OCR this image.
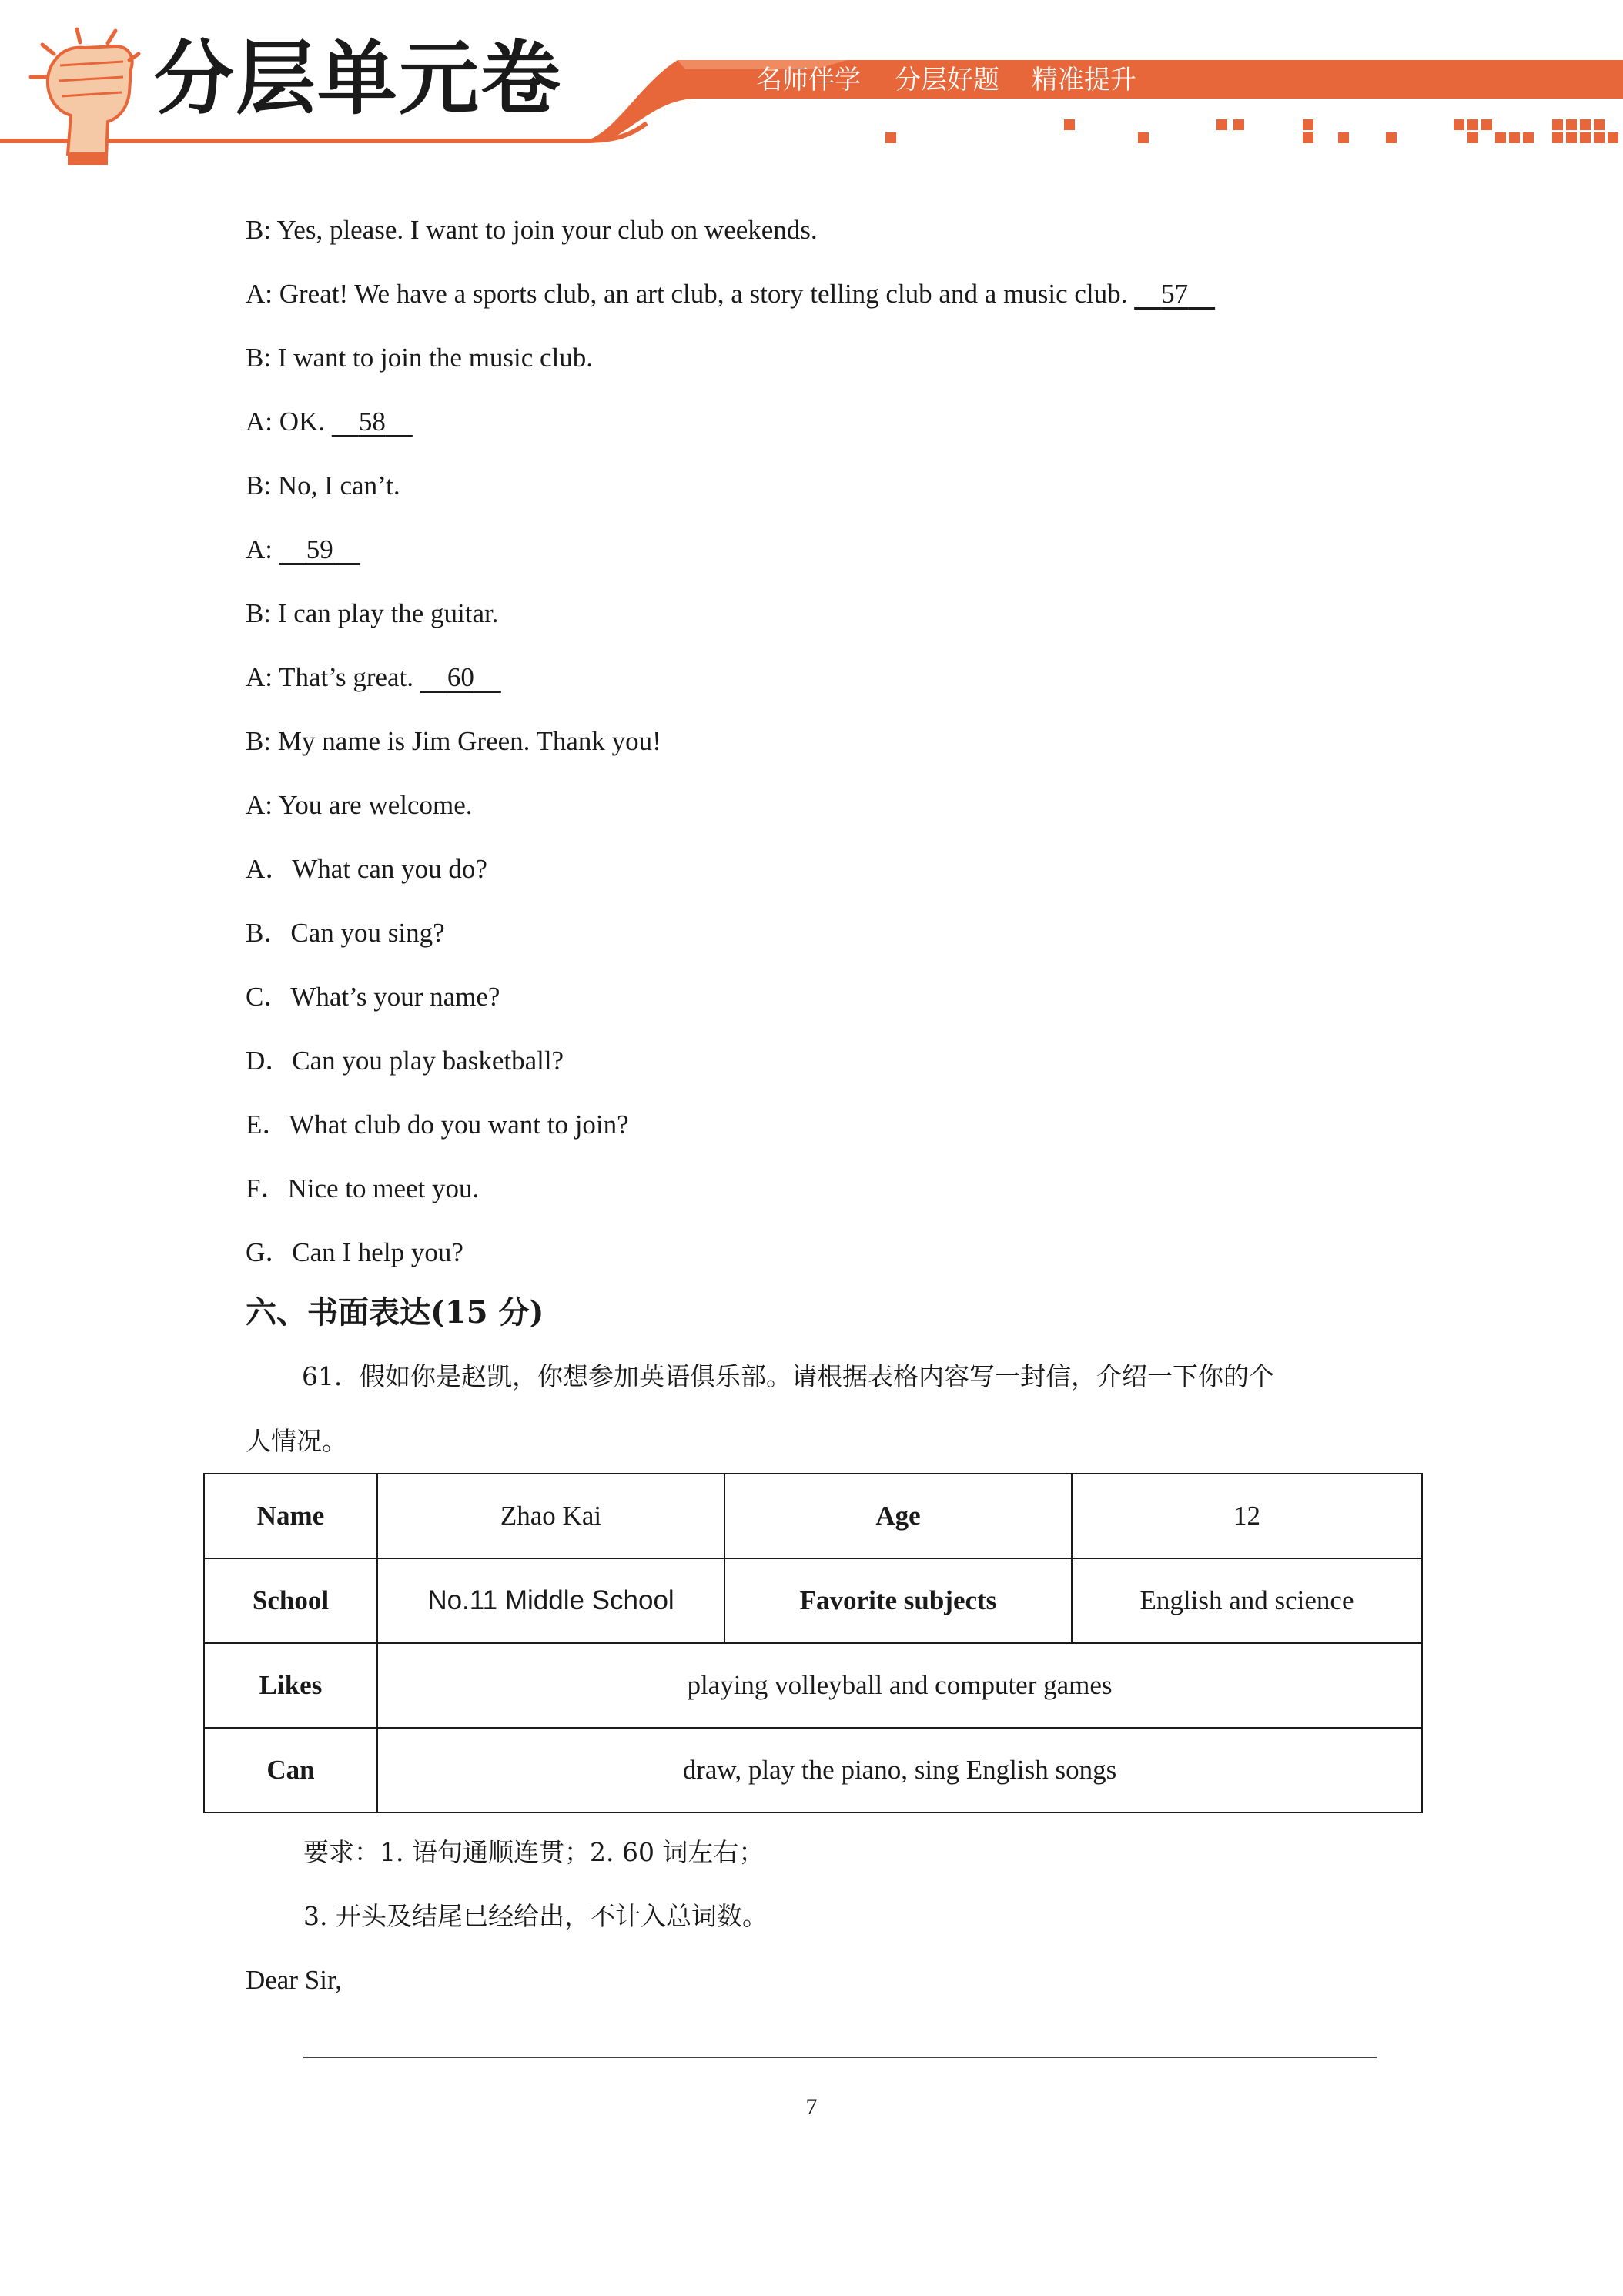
分层单元卷	名师伴学 分层好题 精准提升
B: Yes, please. I want to join your club on weekends.
A: Great! We have a sports club, an art club, a story telling club and a music club.     57
B: I want to join the music club.
A: OK.     58
B: No, I can’t.
A:     59
B: I can play the guitar.
A: That’s great.     60
B: My name is Jim Green. Thank you!
A: You are welcome.
A．What can you do?
B．Can you sing?
C．What’s your name?
D．Can you play basketball?
E．What club do you want to join?
F．Nice to meet you.
G．Can I help you?
六、书面表达(15 分)
61．假如你是赵凯，你想参加英语俱乐部。请根据表格内容写一封信，介绍一下你的个
人情况。
Name	Zhao Kai	Age	12
School	No.11 Middle School	Favorite subjects	English and science
Likes	playing volleyball and computer games		
Can	draw, play the piano, sing English songs		
要求：1. 语句通顺连贯；2. 60 词左右；
3. 开头及结尾已经给出，不计入总词数。
Dear Sir,
7
